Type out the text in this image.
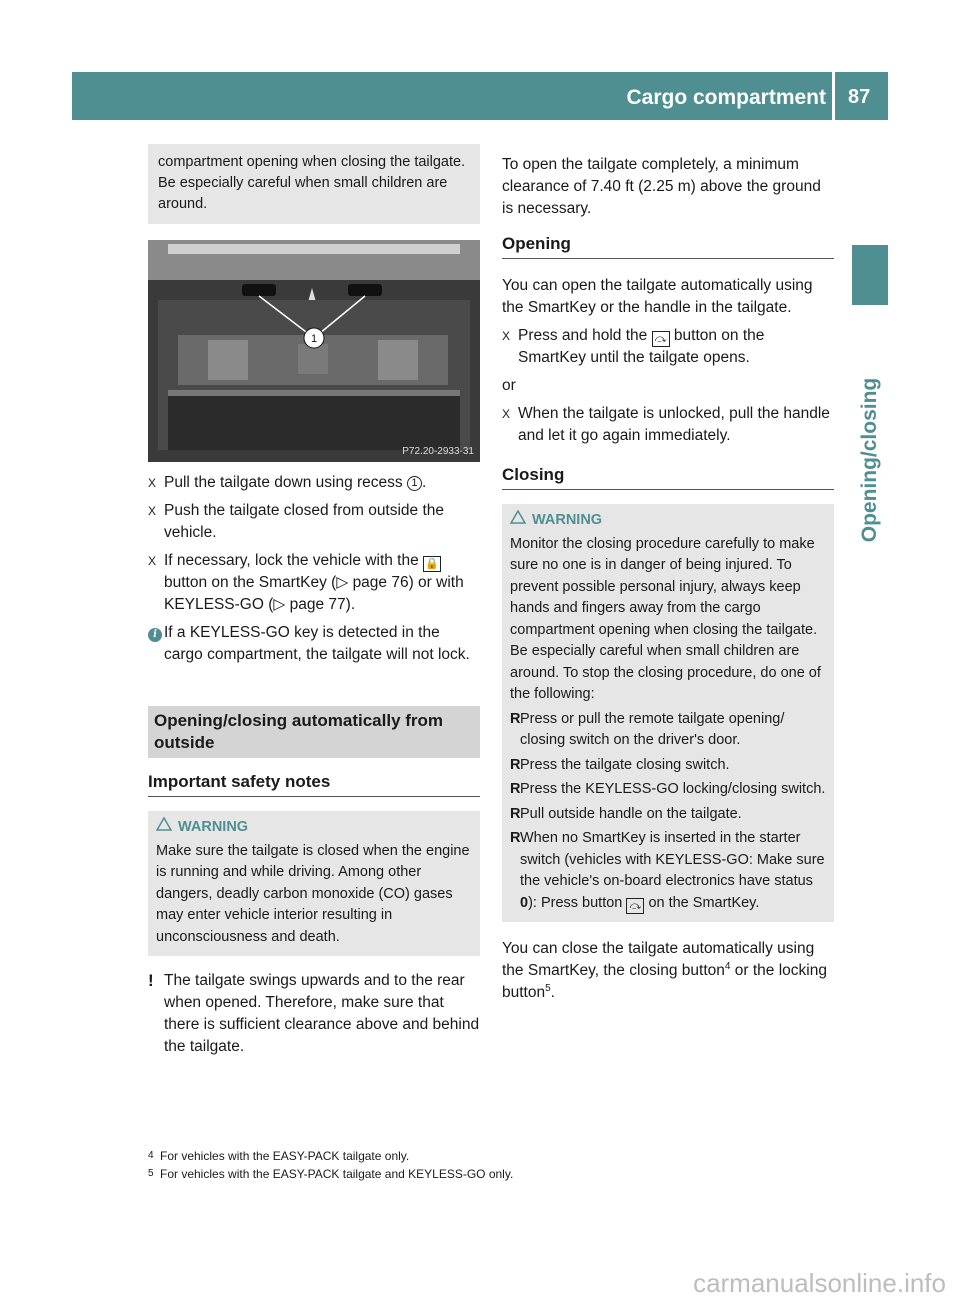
Cargo compartment 87
Opening/closing
compartment opening when closing the tailgate. Be especially careful when small children are around.
1
P72.20-2933-31
X Pull the tailgate down using recess 1 .
X Push the tailgate closed from outside the vehicle.
X If necessary, lock the vehicle with the 🔒 button on the SmartKey (▷ page 76) or with KEYLESS-GO (▷ page 77).
i If a KEYLESS-GO key is detected in the cargo compartment, the tailgate will not lock.
Opening/closing automatically from outside
Important safety notes
WARNING
Make sure the tailgate is closed when the engine is running and while driving. Among other dangers, deadly carbon monoxide (CO) gases may enter vehicle interior resulting in unconsciousness and death.
! The tailgate swings upwards and to the rear when opened. Therefore, make sure that there is sufficient clearance above and behind the tailgate.
To open the tailgate completely, a minimum clearance of 7.40 ft (2.25 m) above the ground is necessary.
Opening
You can open the tailgate automatically using the SmartKey or the handle in the tailgate.
X Press and hold the ⤼ button on the SmartKey until the tailgate opens.
or
X When the tailgate is unlocked, pull the handle and let it go again immediately.
Closing
WARNING
Monitor the closing procedure carefully to make sure no one is in danger of being injured. To prevent possible personal injury, always keep hands and fingers away from the cargo compartment opening when closing the tailgate. Be especially careful when small children are around. To stop the closing procedure, do one of the following:
R Press or pull the remote tailgate opening/ closing switch on the driver's door.
R Press the tailgate closing switch.
R Press the KEYLESS-GO locking/closing switch.
R Pull outside handle on the tailgate.
R When no SmartKey is inserted in the starter switch (vehicles with KEYLESS-GO: Make sure the vehicle's on-board electronics have status 0): Press button ⤼ on the SmartKey.
You can close the tailgate automatically using the SmartKey, the closing button$^4$ or the locking button$^5$.
4 For vehicles with the EASY-PACK tailgate only.
5 For vehicles with the EASY-PACK tailgate and KEYLESS-GO only.
carmanualsonline.info
